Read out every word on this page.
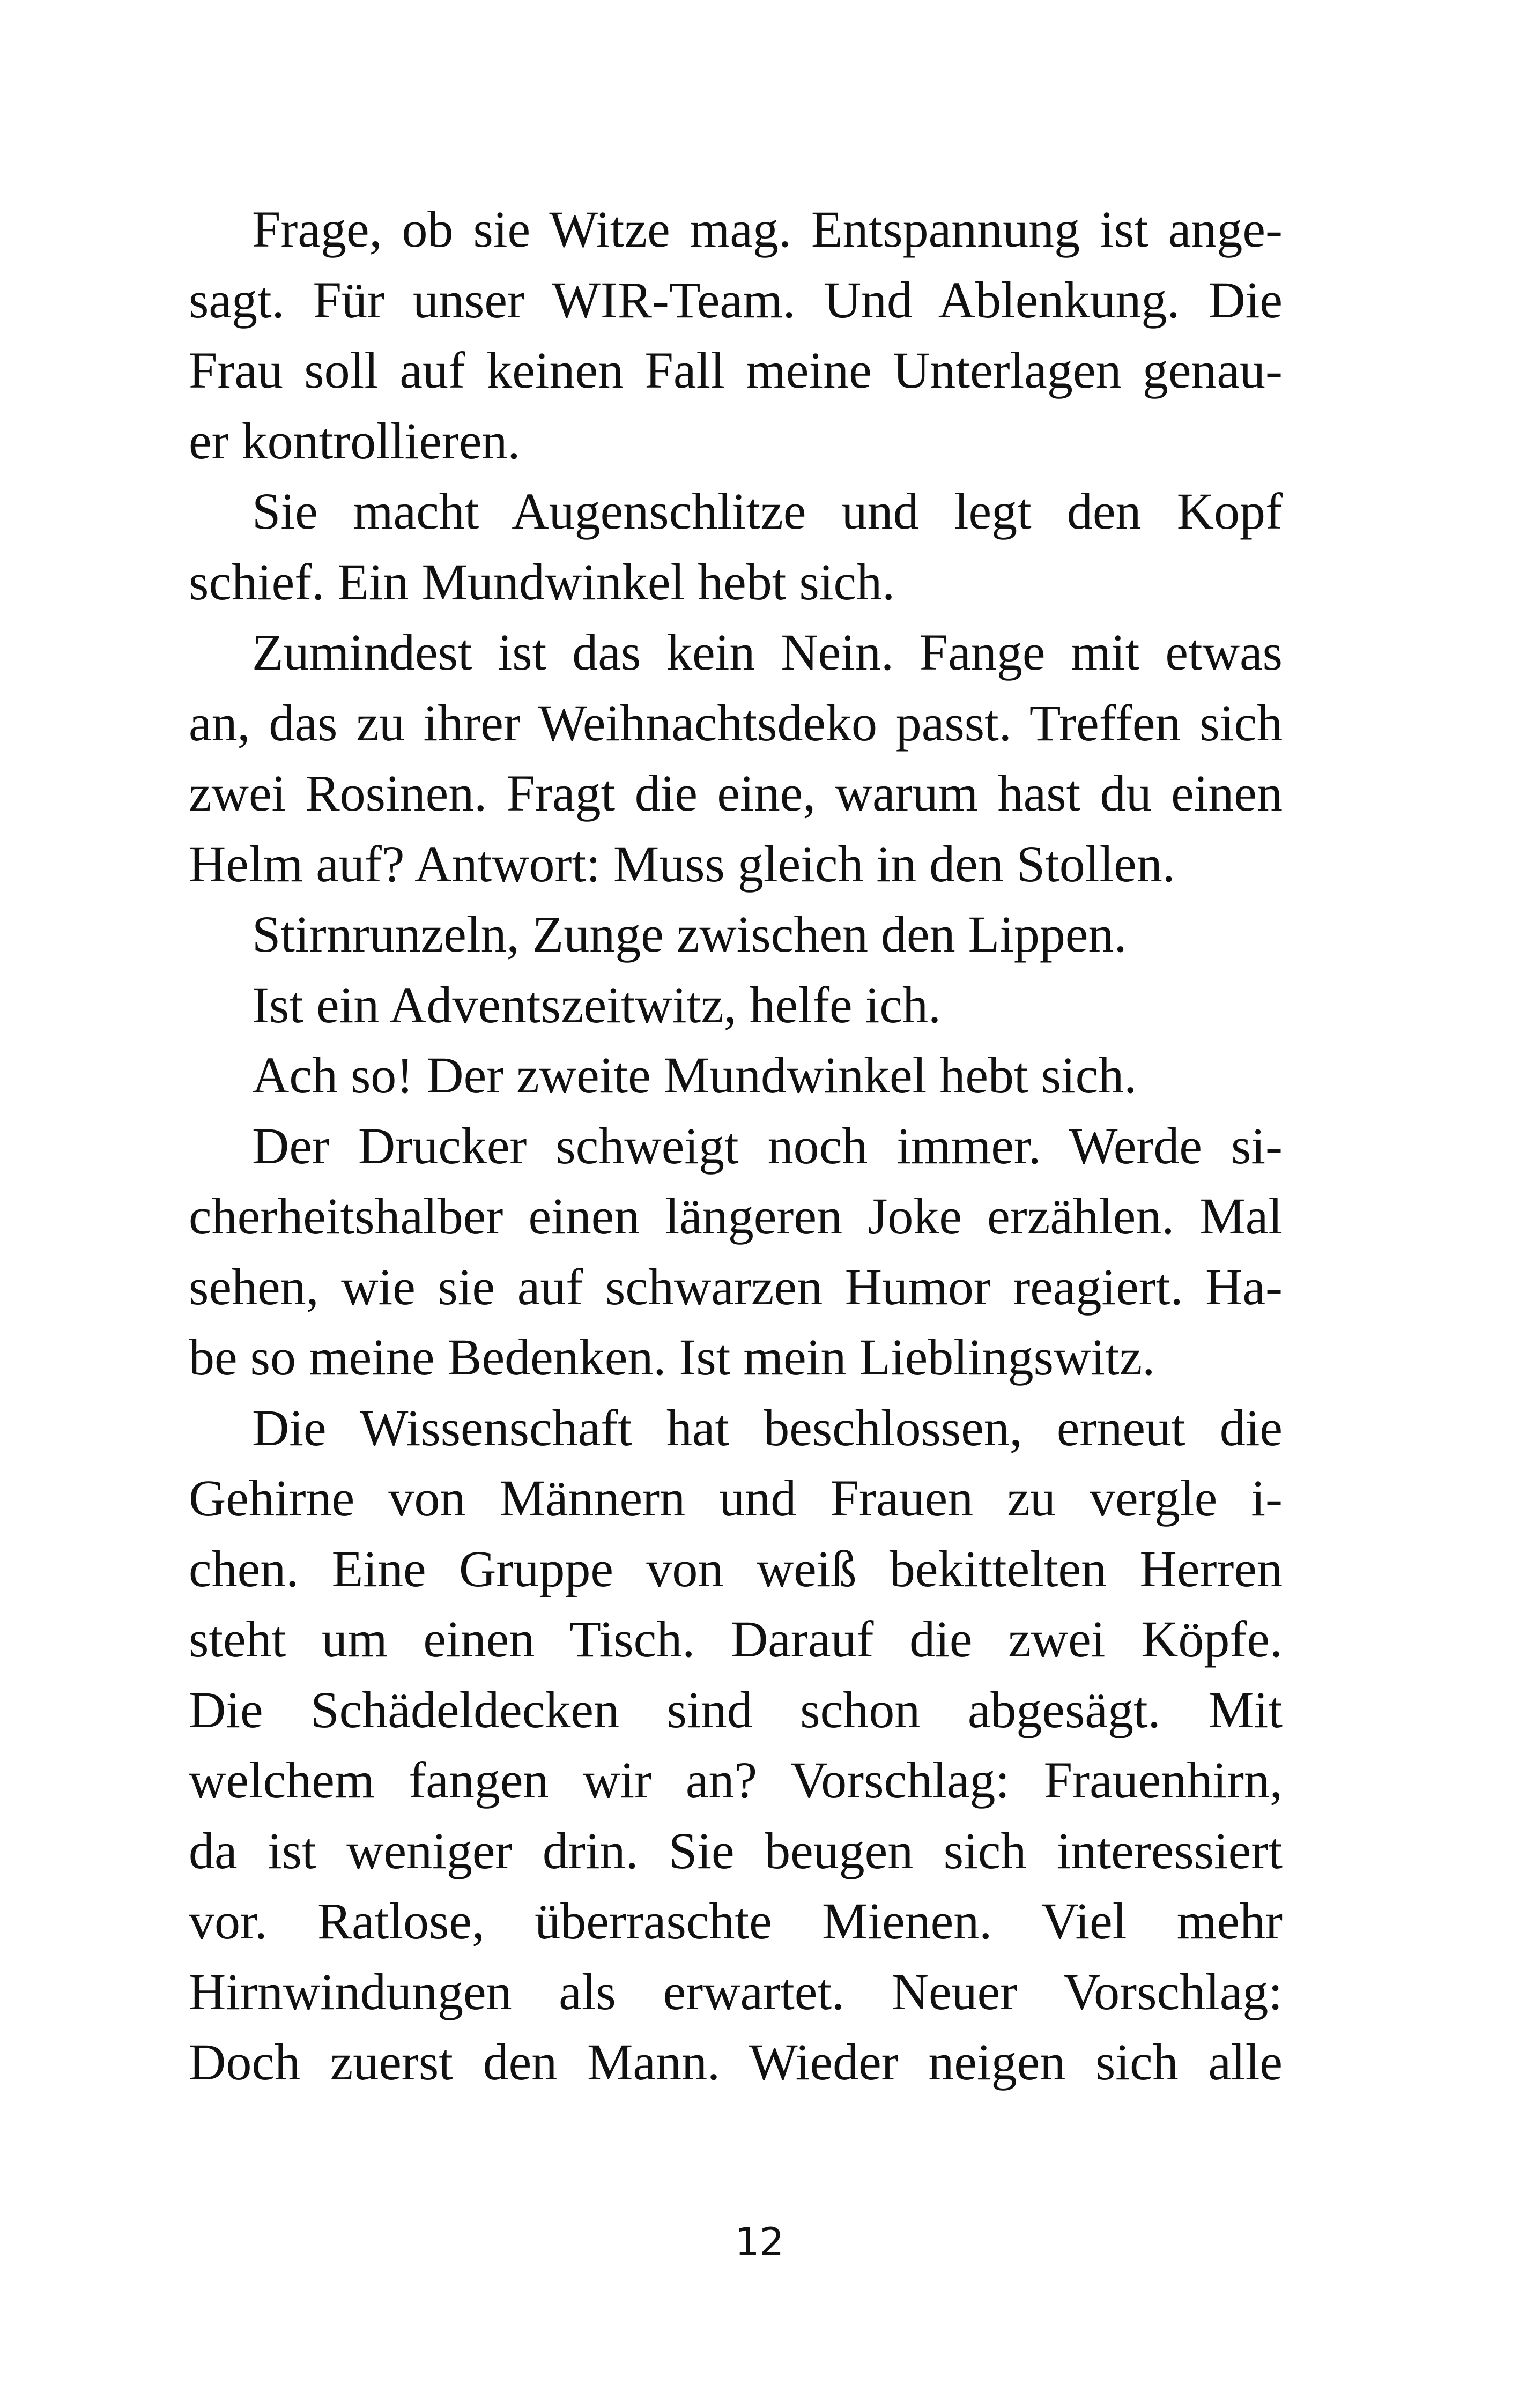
Frage, ob sie Witze mag. Entspannung ist ange-
sagt. Für unser WIR-Team. Und Ablenkung. Die
Frau soll auf keinen Fall meine Unterlagen genau-
er kontrollieren.
Sie macht Augenschlitze und legt den Kopf
schief. Ein Mundwinkel hebt sich.
Zumindest ist das kein Nein. Fange mit etwas
an, das zu ihrer Weihnachtsdeko passt. Treffen sich
zwei Rosinen. Fragt die eine, warum hast du einen
Helm auf? Antwort: Muss gleich in den Stollen.
Stirnrunzeln, Zunge zwischen den Lippen.
Ist ein Adventszeitwitz, helfe ich.
Ach so! Der zweite Mundwinkel hebt sich.
Der Drucker schweigt noch immer. Werde si-
cherheitshalber einen längeren Joke erzählen. Mal
sehen, wie sie auf schwarzen Humor reagiert. Ha-
be so meine Bedenken. Ist mein Lieblingswitz.
Die Wissenschaft hat beschlossen, erneut die
Gehirne von Männern und Frauen zu vergle i-
chen. Eine Gruppe von weiß bekittelten Herren
steht um einen Tisch. Darauf die zwei Köpfe.
Die Schädeldecken sind schon abgesägt. Mit
welchem fangen wir an? Vorschlag: Frauenhirn,
da ist weniger drin. Sie beugen sich interessiert
vor. Ratlose, überraschte Mienen. Viel mehr
Hirnwindungen als erwartet. Neuer Vorschlag:
Doch zuerst den Mann. Wieder neigen sich alle
12
